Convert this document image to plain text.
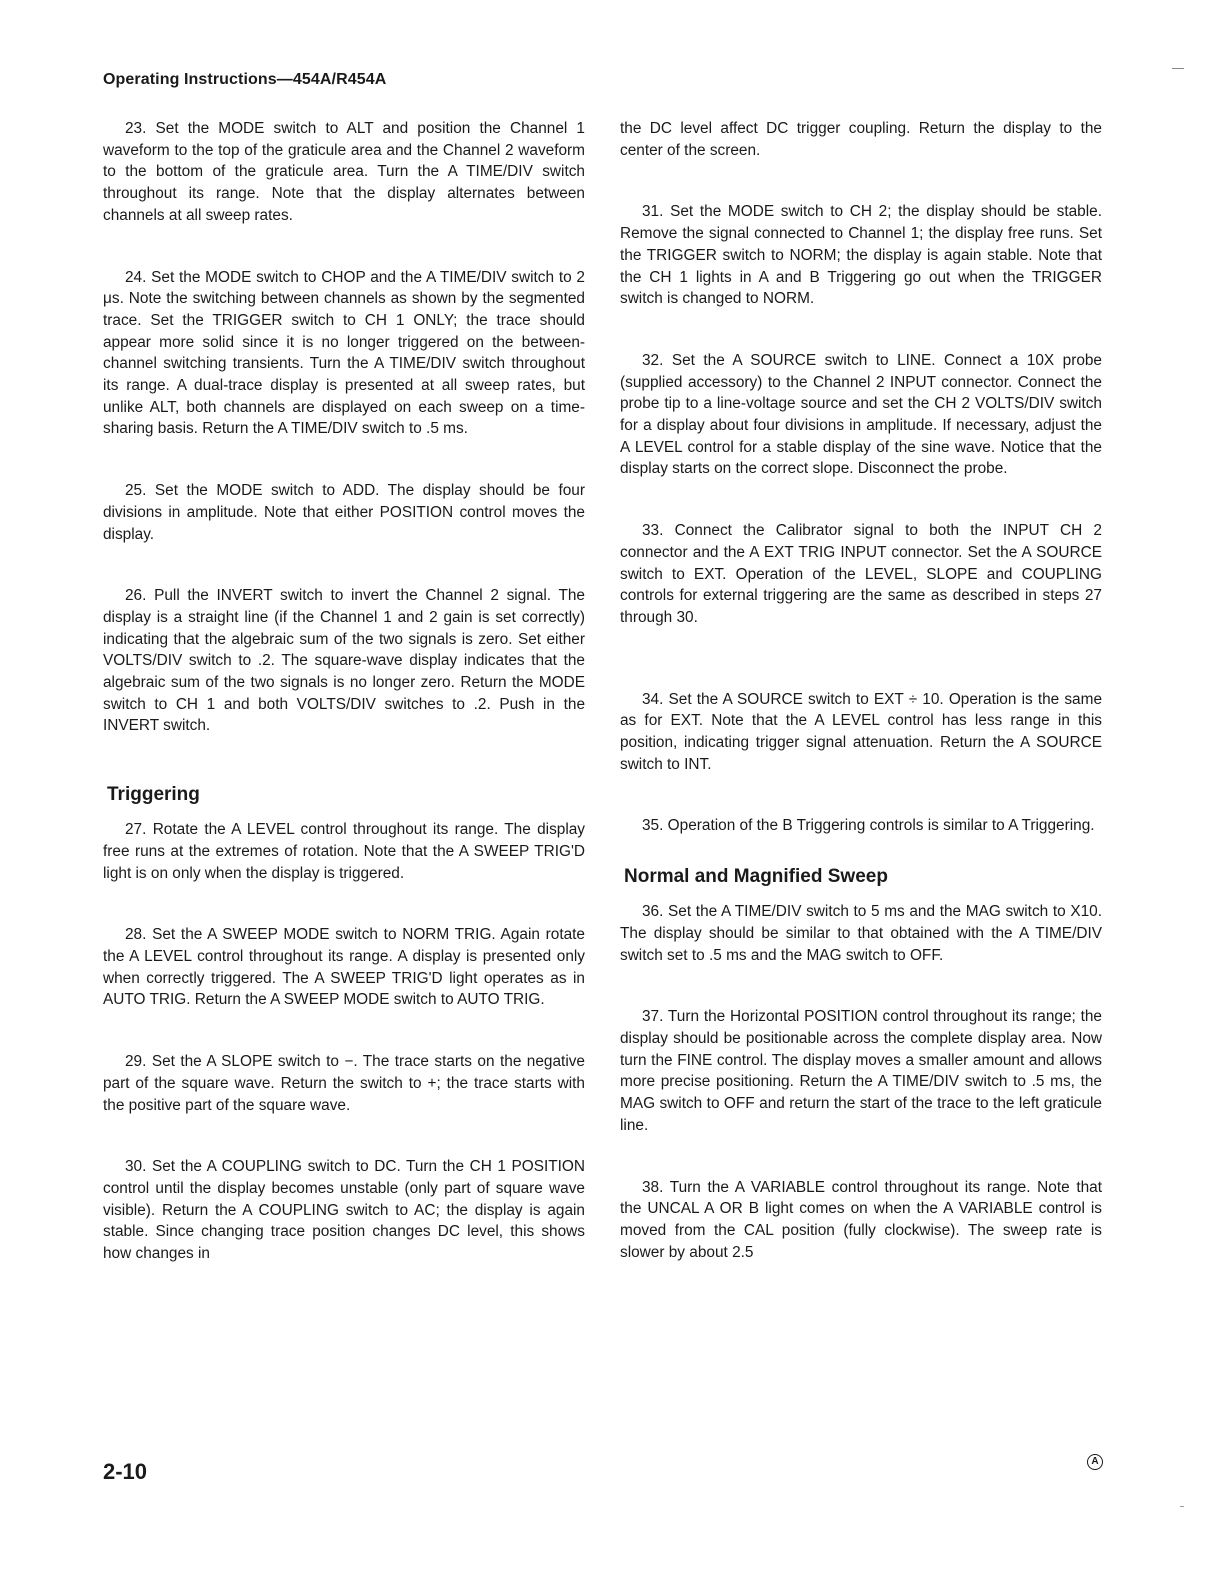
Operating Instructions—454A/R454A

23. Set the MODE switch to ALT and position the Channel 1 waveform to the top of the graticule area and the Channel 2 waveform to the bottom of the graticule area. Turn the A TIME/DIV switch throughout its range. Note that the display alternates between channels at all sweep rates.

24. Set the MODE switch to CHOP and the A TIME/DIV switch to 2 μs. Note the switching between channels as shown by the segmented trace. Set the TRIGGER switch to CH 1 ONLY; the trace should appear more solid since it is no longer triggered on the between-channel switching transients. Turn the A TIME/DIV switch throughout its range. A dual-trace display is presented at all sweep rates, but unlike ALT, both channels are displayed on each sweep on a time-sharing basis. Return the A TIME/DIV switch to .5 ms.

25. Set the MODE switch to ADD. The display should be four divisions in amplitude. Note that either POSITION control moves the display.

26. Pull the INVERT switch to invert the Channel 2 signal. The display is a straight line (if the Channel 1 and 2 gain is set correctly) indicating that the algebraic sum of the two signals is zero. Set either VOLTS/DIV switch to .2. The square-wave display indicates that the algebraic sum of the two signals is no longer zero. Return the MODE switch to CH 1 and both VOLTS/DIV switches to .2. Push in the INVERT switch.

Triggering

27. Rotate the A LEVEL control throughout its range. The display free runs at the extremes of rotation. Note that the A SWEEP TRIG'D light is on only when the display is triggered.

28. Set the A SWEEP MODE switch to NORM TRIG. Again rotate the A LEVEL control throughout its range. A display is presented only when correctly triggered. The A SWEEP TRIG'D light operates as in AUTO TRIG. Return the A SWEEP MODE switch to AUTO TRIG.

29. Set the A SLOPE switch to −. The trace starts on the negative part of the square wave. Return the switch to +; the trace starts with the positive part of the square wave.

30. Set the A COUPLING switch to DC. Turn the CH 1 POSITION control until the display becomes unstable (only part of square wave visible). Return the A COUPLING switch to AC; the display is again stable. Since changing trace position changes DC level, this shows how changes in

the DC level affect DC trigger coupling. Return the display to the center of the screen.

31. Set the MODE switch to CH 2; the display should be stable. Remove the signal connected to Channel 1; the display free runs. Set the TRIGGER switch to NORM; the display is again stable. Note that the CH 1 lights in A and B Triggering go out when the TRIGGER switch is changed to NORM.

32. Set the A SOURCE switch to LINE. Connect a 10X probe (supplied accessory) to the Channel 2 INPUT connector. Connect the probe tip to a line-voltage source and set the CH 2 VOLTS/DIV switch for a display about four divisions in amplitude. If necessary, adjust the A LEVEL control for a stable display of the sine wave. Notice that the display starts on the correct slope. Disconnect the probe.

33. Connect the Calibrator signal to both the INPUT CH 2 connector and the A EXT TRIG INPUT connector. Set the A SOURCE switch to EXT. Operation of the LEVEL, SLOPE and COUPLING controls for external triggering are the same as described in steps 27 through 30.

34. Set the A SOURCE switch to EXT ÷ 10. Operation is the same as for EXT. Note that the A LEVEL control has less range in this position, indicating trigger signal attenuation. Return the A SOURCE switch to INT.

35. Operation of the B Triggering controls is similar to A Triggering.

Normal and Magnified Sweep

36. Set the A TIME/DIV switch to 5 ms and the MAG switch to X10. The display should be similar to that obtained with the A TIME/DIV switch set to .5 ms and the MAG switch to OFF.

37. Turn the Horizontal POSITION control throughout its range; the display should be positionable across the complete display area. Now turn the FINE control. The display moves a smaller amount and allows more precise positioning. Return the A TIME/DIV switch to .5 ms, the MAG switch to OFF and return the start of the trace to the left graticule line.

38. Turn the A VARIABLE control throughout its range. Note that the UNCAL A OR B light comes on when the A VARIABLE control is moved from the CAL position (fully clockwise). The sweep rate is slower by about 2.5

2-10	A
